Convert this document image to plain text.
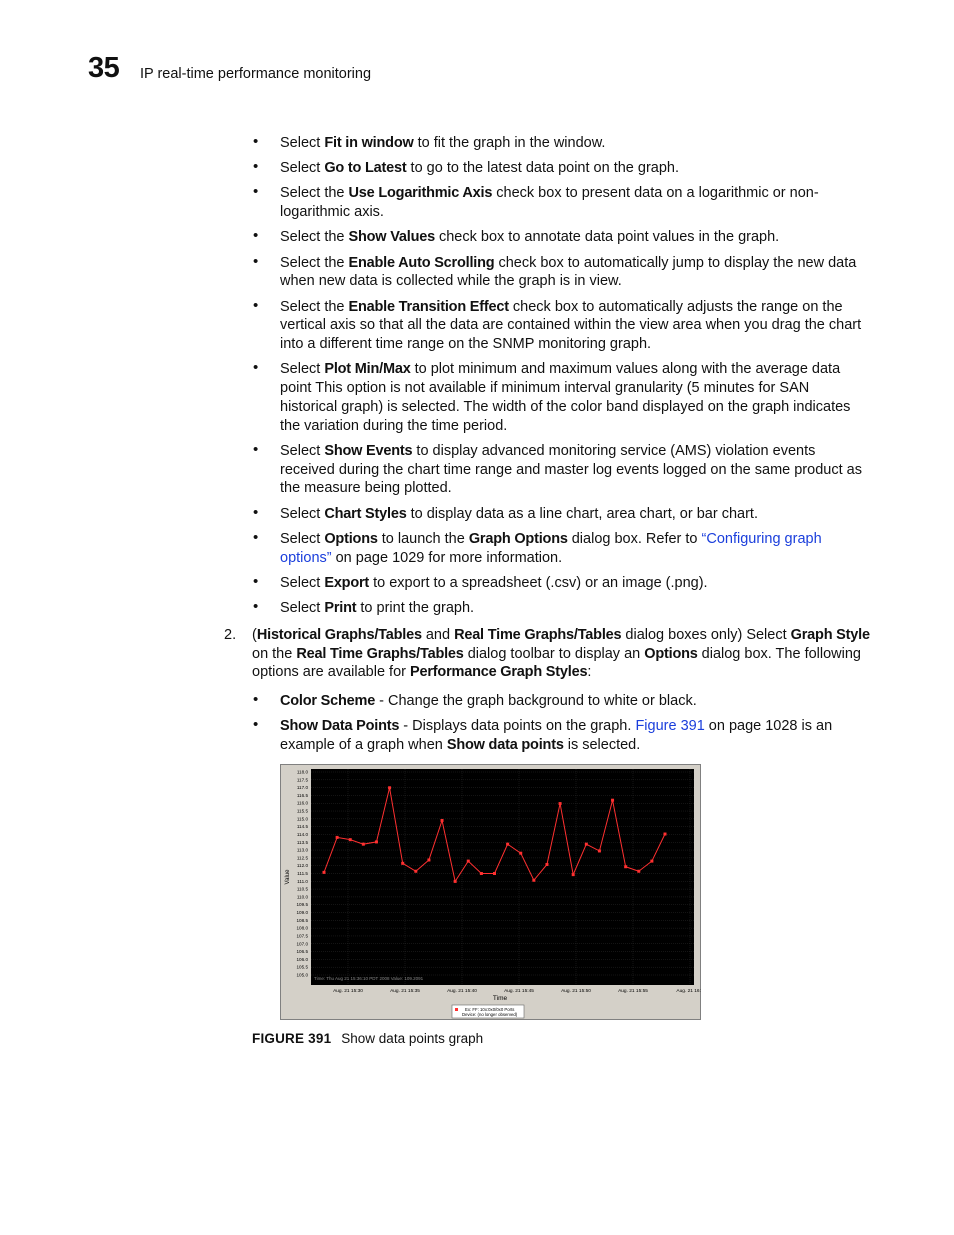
35 IP real-time performance monitoring
• Select Fit in window to fit the graph in the window.
• Select Go to Latest to go to the latest data point on the graph.
• Select the Use Logarithmic Axis check box to present data on a logarithmic or non-logarithmic axis.
• Select the Show Values check box to annotate data point values in the graph.
• Select the Enable Auto Scrolling check box to automatically jump to display the new data when new data is collected while the graph is in view.
• Select the Enable Transition Effect check box to automatically adjusts the range on the vertical axis so that all the data are contained within the view area when you drag the chart into a different time range on the SNMP monitoring graph.
• Select Plot Min/Max to plot minimum and maximum values along with the average data point This option is not available if minimum interval granularity (5 minutes for SAN historical graph) is selected. The width of the color band displayed on the graph indicates the variation during the time period.
• Select Show Events to display advanced monitoring service (AMS) violation events received during the chart time range and master log events logged on the same product as the measure being plotted.
• Select Chart Styles to display data as a line chart, area chart, or bar chart.
• Select Options to launch the Graph Options dialog box. Refer to “Configuring graph options” on page 1029 for more information.
• Select Export to export to a spreadsheet (.csv) or an image (.png).
• Select Print to print the graph.
2. (Historical Graphs/Tables and Real Time Graphs/Tables dialog boxes only) Select Graph Style on the Real Time Graphs/Tables dialog toolbar to display an Options dialog box. The following options are available for Performance Graph Styles:
• Color Scheme - Change the graph background to white or black.
• Show Data Points - Displays data points on the graph. Figure 391 on page 1028 is an example of a graph when Show data points is selected.
118.0
117.5
117.0
116.5
116.0
115.5
115.0
114.5
114.0
113.5
113.0
112.5
112.0
111.5
111.0
110.5
110.0
109.5
109.0
108.5
108.0
107.5
107.0
106.5
106.0
105.5
105.0
Aug. 21 15:30	Aug. 21 15:35	Aug. 21 15:40	Aug. 21 15:45	Aug. 21 15:50	Aug. 21 15:55	Aug. 21 16:0
Value
Time
Time: Thu Aug 21 15:36:10 PDT 2008 Value: 109.2091
Ex: FF: 10x:0x0/0x0 Ports
Device: (no longer observed)
FIGURE 391 Show data points graph
